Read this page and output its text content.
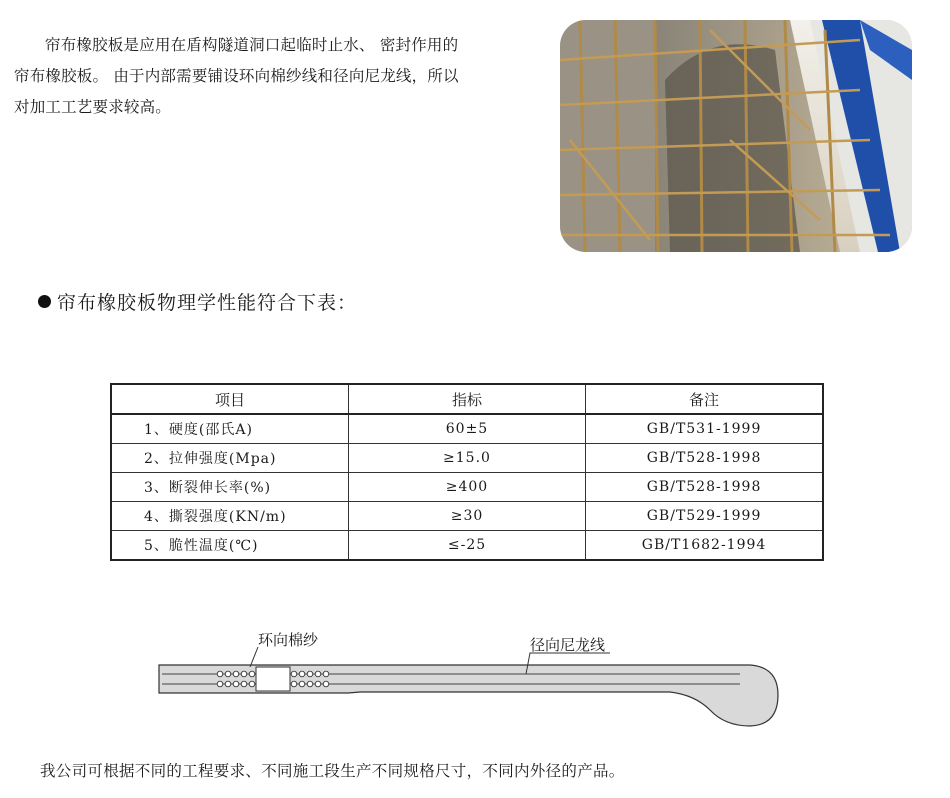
帘布橡胶板是应用在盾构隧道洞口起临时止水、 密封作用的
帘布橡胶板。 由于内部需要铺设环向棉纱线和径向尼龙线，所以
对加工工艺要求较高。
帘布橡胶板物理学性能符合下表：
项目	指标	备注
1、硬度(邵氏A)	60±5	GB/T531-1999
2、拉伸强度(Mpa)	≥15.0	GB/T528-1998
3、断裂伸长率(%)	≥400	GB/T528-1998
4、撕裂强度(KN/m)	≥30	GB/T529-1999
5、脆性温度(℃)	≤-25	GB/T1682-1994
环向棉纱	径向尼龙线
我公司可根据不同的工程要求、不同施工段生产不同规格尺寸，不同内外径的产品。
